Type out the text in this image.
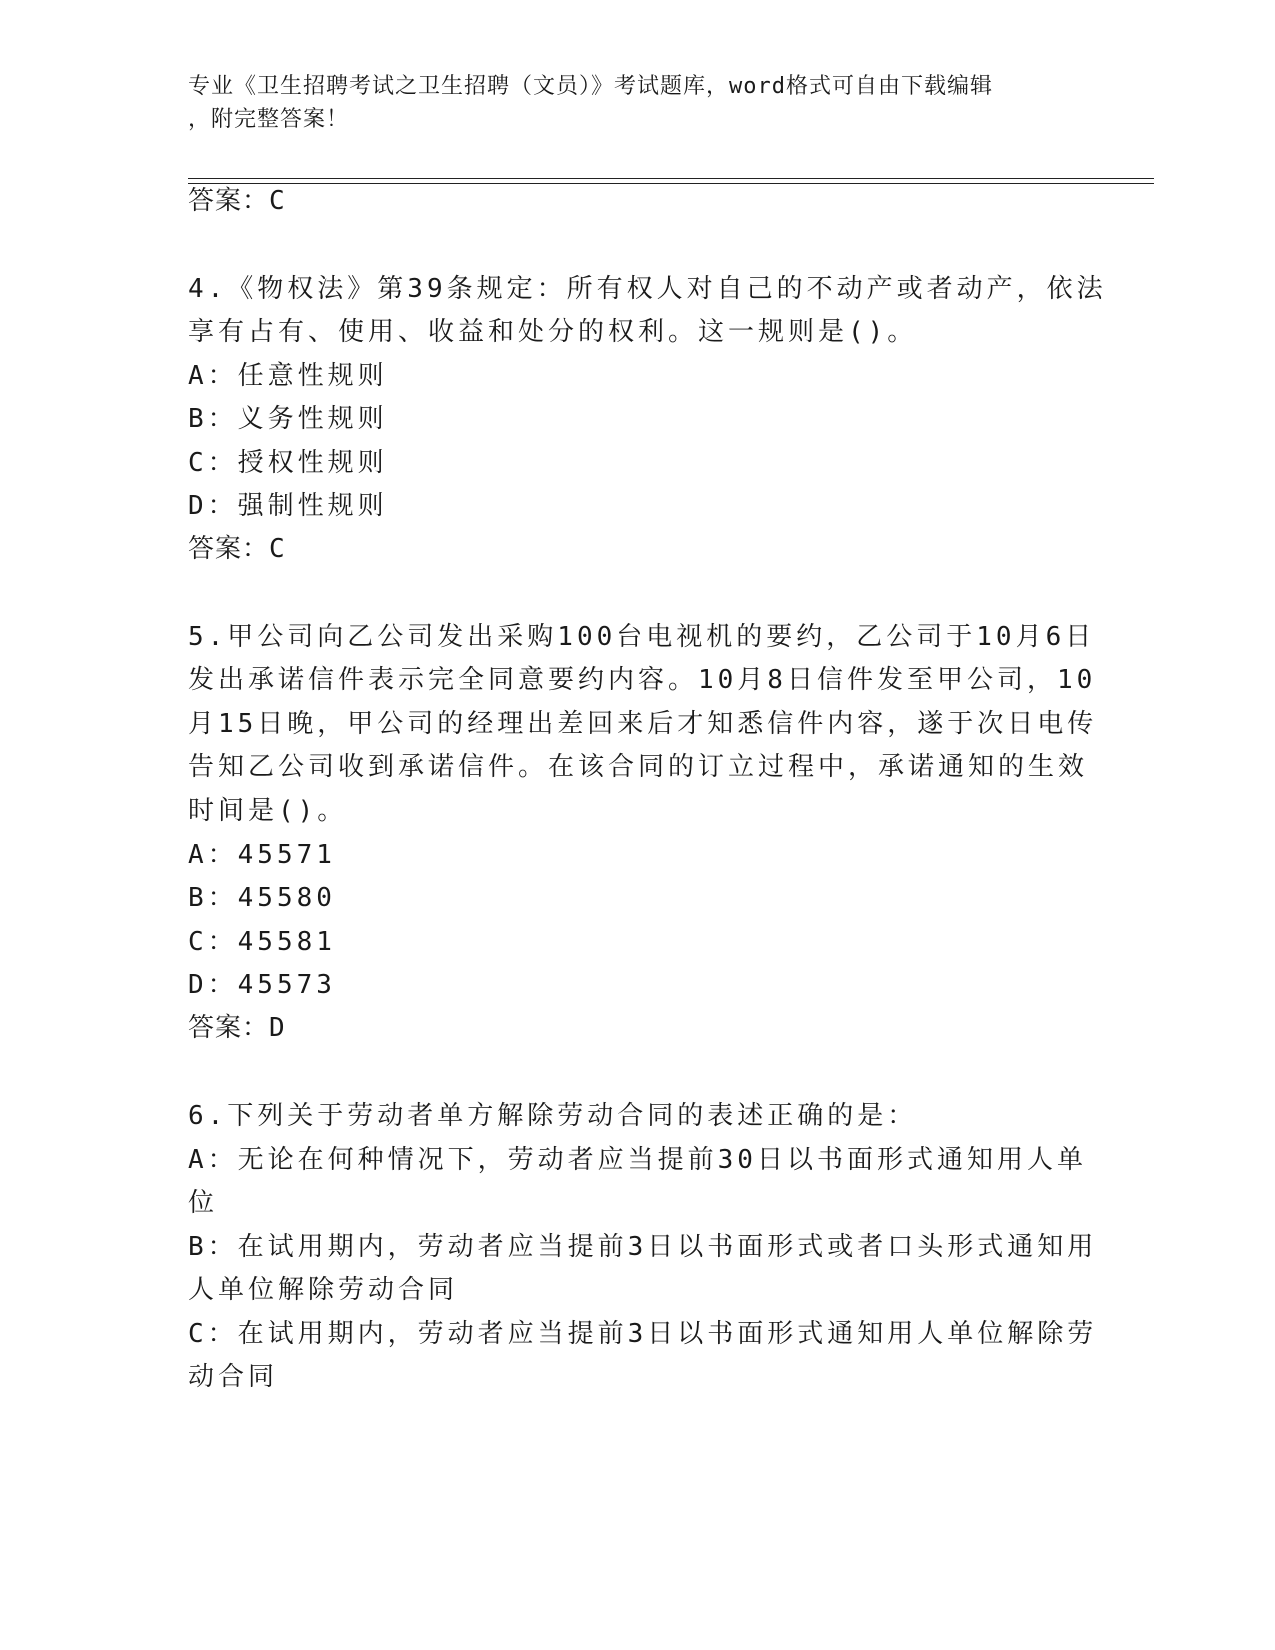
专业《卫生招聘考试之卫生招聘（文员）》考试题库，word格式可自由下载编辑
，附完整答案！
答案：C
4.《物权法》第39条规定：所有权人对自己的不动产或者动产，依法
享有占有、使用、收益和处分的权利。这一规则是()。
A：任意性规则
B：义务性规则
C：授权性规则
D：强制性规则
答案：C
5.甲公司向乙公司发出采购100台电视机的要约，乙公司于10月6日
发出承诺信件表示完全同意要约内容。10月8日信件发至甲公司，10
月15日晚，甲公司的经理出差回来后才知悉信件内容，遂于次日电传
告知乙公司收到承诺信件。在该合同的订立过程中，承诺通知的生效
时间是()。
A：45571
B：45580
C：45581
D：45573
答案：D
6.下列关于劳动者单方解除劳动合同的表述正确的是：
A：无论在何种情况下，劳动者应当提前30日以书面形式通知用人单
位
B：在试用期内，劳动者应当提前3日以书面形式或者口头形式通知用
人单位解除劳动合同
C：在试用期内，劳动者应当提前3日以书面形式通知用人单位解除劳
动合同
